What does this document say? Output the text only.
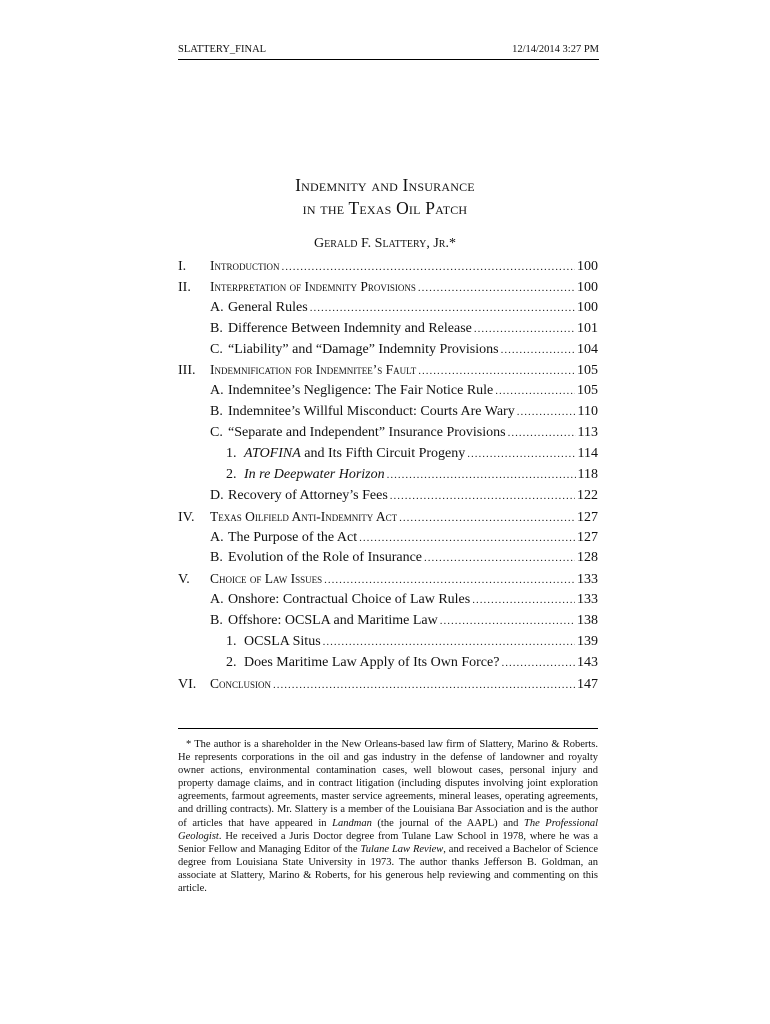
SLATTERY_FINAL	12/14/2014 3:27 PM
Indemnity and Insurance
in the Texas Oil Patch
Gerald F. Slattery, Jr.*
I.	Introduction .....	100
II.	Interpretation of Indemnity Provisions .....	100
A. General Rules .....	100
B. Difference Between Indemnity and Release .....	101
C. “Liability” and “Damage” Indemnity Provisions .....	104
III.	Indemnification for Indemnitee’s Fault .....	105
A. Indemnitee’s Negligence: The Fair Notice Rule .....	105
B. Indemnitee’s Willful Misconduct: Courts Are Wary .....	110
C. “Separate and Independent” Insurance Provisions .....	113
1. ATOFINA and Its Fifth Circuit Progeny .....	114
2. In re Deepwater Horizon .....	118
D. Recovery of Attorney’s Fees .....	122
IV.	Texas Oilfield Anti-Indemnity Act .....	127
A. The Purpose of the Act .....	127
B. Evolution of the Role of Insurance .....	128
V.	Choice of Law Issues .....	133
A. Onshore: Contractual Choice of Law Rules .....	133
B. Offshore: OCSLA and Maritime Law .....	138
1. OCSLA Situs .....	139
2. Does Maritime Law Apply of Its Own Force? .....	143
VI.	Conclusion .....	147
* The author is a shareholder in the New Orleans-based law firm of Slattery, Marino & Roberts. He represents corporations in the oil and gas industry in the defense of landowner and royalty owner actions, environmental contamination cases, well blowout cases, personal injury and property damage claims, and in contract litigation (including disputes involving joint exploration agreements, farmout agreements, master service agreements, mineral leases, operating agreements, and drilling contracts). Mr. Slattery is a member of the Louisiana Bar Association and is the author of articles that have appeared in Landman (the journal of the AAPL) and The Professional Geologist. He received a Juris Doctor degree from Tulane Law School in 1978, where he was a Senior Fellow and Managing Editor of the Tulane Law Review, and received a Bachelor of Science degree from Louisiana State University in 1973. The author thanks Jefferson B. Goldman, an associate at Slattery, Marino & Roberts, for his generous help reviewing and commenting on this article.
